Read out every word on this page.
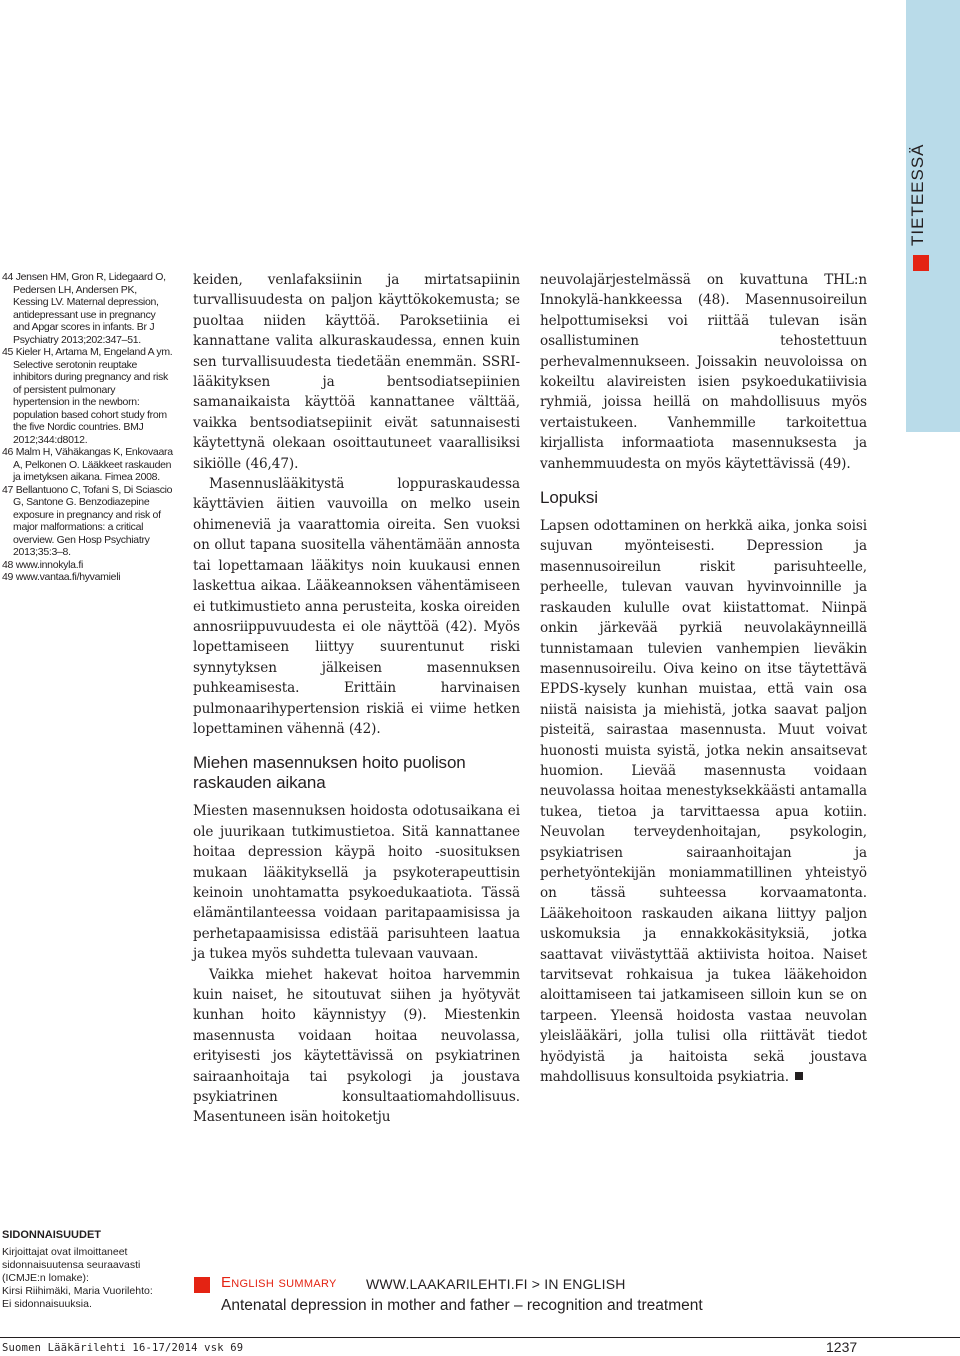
TIETEESSÄ

44 Jensen HM, Gron R, Lidegaard O, Pedersen LH, Andersen PK, Kessing LV. Maternal depression, antidepressant use in pregnancy and Apgar scores in infants. Br J Psychiatry 2013;202:347–51.

45 Kieler H, Artama M, Engeland A ym. Selective serotonin reuptake inhibitors during pregnancy and risk of persistent pulmonary hypertension in the newborn: population based cohort study from the five Nordic countries. BMJ 2012;344:d8012.

46 Malm H, Vähäkangas K, Enkovaara A, Pelkonen O. Lääkkeet raskauden ja imetyksen aikana. Fimea 2008.

47 Bellantuono C, Tofani S, Di Sciascio G, Santone G. Benzodiazepine exposure in pregnancy and risk of major malformations: a critical overview. Gen Hosp Psychiatry 2013;35:3–8.

48 www.innokyla.fi

49 www.vantaa.fi/hyvamieli

keiden, venlafaksiinin ja mirtatsapiinin turvallisuudesta on paljon käyttökokemusta; se puoltaa niiden käyttöä. Paroksetiinia ei kannattane valita alkuraskaudessa, ennen kuin sen turvallisuudesta tiedetään enemmän. SSRI-lääkityksen ja bentsodiatsepiinien samanaikaista käyttöä kannattanee välttää, vaikka bentsodiatsepiinit eivät satunnaisesti käytettynä olekaan osoittautuneet vaarallisiksi sikiölle (46,47).

Masennuslääkitystä loppuraskaudessa käyttävien äitien vauvoilla on melko usein ohimeneviä ja vaarattomia oireita. Sen vuoksi on ollut tapana suositella vähentämään annosta tai lopettamaan lääkitys noin kuukausi ennen laskettua aikaa. Lääkeannoksen vähentämiseen ei tutkimustieto anna perusteita, koska oireiden annosriippuvuudesta ei ole näyttöä (42). Myös lopettamiseen liittyy suurentunut riski synnytyksen jälkeisen masennuksen puhkeamisesta. Erittäin harvinaisen pulmonaarihypertension riskiä ei viime hetken lopettaminen vähennä (42).

Miehen masennuksen hoito puolison raskauden aikana

Miesten masennuksen hoidosta odotusaikana ei ole juurikaan tutkimustietoa. Sitä kannattanee hoitaa depression käypä hoito -suosituksen mukaan lääkityksellä ja psykoterapeuttisin keinoin unohtamatta psykoedukaatiota. Tässä elämäntilanteessa voidaan paritapaamisissa ja perhetapaamisissa edistää parisuhteen laatua ja tukea myös suhdetta tulevaan vauvaan.

Vaikka miehet hakevat hoitoa harvemmin kuin naiset, he sitoutuvat siihen ja hyötyvät kunhan hoito käynnistyy (9). Miestenkin masennusta voidaan hoitaa neuvolassa, erityisesti jos käytettävissä on psykiatrinen sairaanhoitaja tai psykologi ja joustava psykiatrinen konsultaatiomahdollisuus. Masentuneen isän hoitoketju

neuvolajärjestelmässä on kuvattuna THL:n Innokylä-hankkeessa (48). Masennusoireilun helpottumiseksi voi riittää tulevan isän osallistuminen tehostettuun perhevalmennukseen. Joissakin neuvoloissa on kokeiltu alavireisten isien psykoedukatiivisia ryhmiä, joissa heillä on mahdollisuus myös vertaistukeen. Vanhemmille tarkoitettua kirjallista informaatiota masennuksesta ja vanhemmuudesta on myös käytettävissä (49).

Lopuksi

Lapsen odottaminen on herkkä aika, jonka soisi sujuvan myönteisesti. Depression ja masennusoireilun riskit parisuhteelle, perheelle, tulevan vauvan hyvinvoinnille ja raskauden kululle ovat kiistattomat. Niinpä onkin järkevää pyrkiä neuvolakäynneillä tunnistamaan tulevien vanhempien lieväkin masennusoireilu. Oiva keino on itse täytettävä EPDS-kysely kunhan muistaa, että vain osa niistä naisista ja miehistä, jotka saavat paljon pisteitä, sairastaa masennusta. Muut voivat huonosti muista syistä, jotka nekin ansaitsevat huomion. Lievää masennusta voidaan neuvolassa hoitaa menestyksekkäästi antamalla tukea, tietoa ja tarvittaessa apua kotiin. Neuvolan terveydenhoitajan, psykologin, psykiatrisen sairaanhoitajan ja perhetyöntekijän moniammatillinen yhteistyö on tässä suhteessa korvaamatonta. Lääkehoitoon raskauden aikana liittyy paljon uskomuksia ja ennakkokäsityksiä, jotka saattavat viivästyttää aktiivista hoitoa. Naiset tarvitsevat rohkaisua ja tukea lääkehoidon aloittamiseen tai jatkamiseen silloin kun se on tarpeen. Yleensä hoidosta vastaa neuvolan yleislääkäri, jolla tulisi olla riittävät tiedot hyödyistä ja haitoista sekä joustava mahdollisuus konsultoida psykiatria.

SIDONNAISUUDET
Kirjoittajat ovat ilmoittaneet
sidonnaisuutensa seuraavasti
(ICMJE:n lomake):
Kirsi Riihimäki, Maria Vuorilehto:
Ei sidonnaisuuksia.
English summary WWW.LAAKARILEHTI.FI > IN ENGLISH
Antenatal depression in mother and father – recognition and treatment
Suomen Lääkärilehti 16-17/2014 vsk 69	1237
